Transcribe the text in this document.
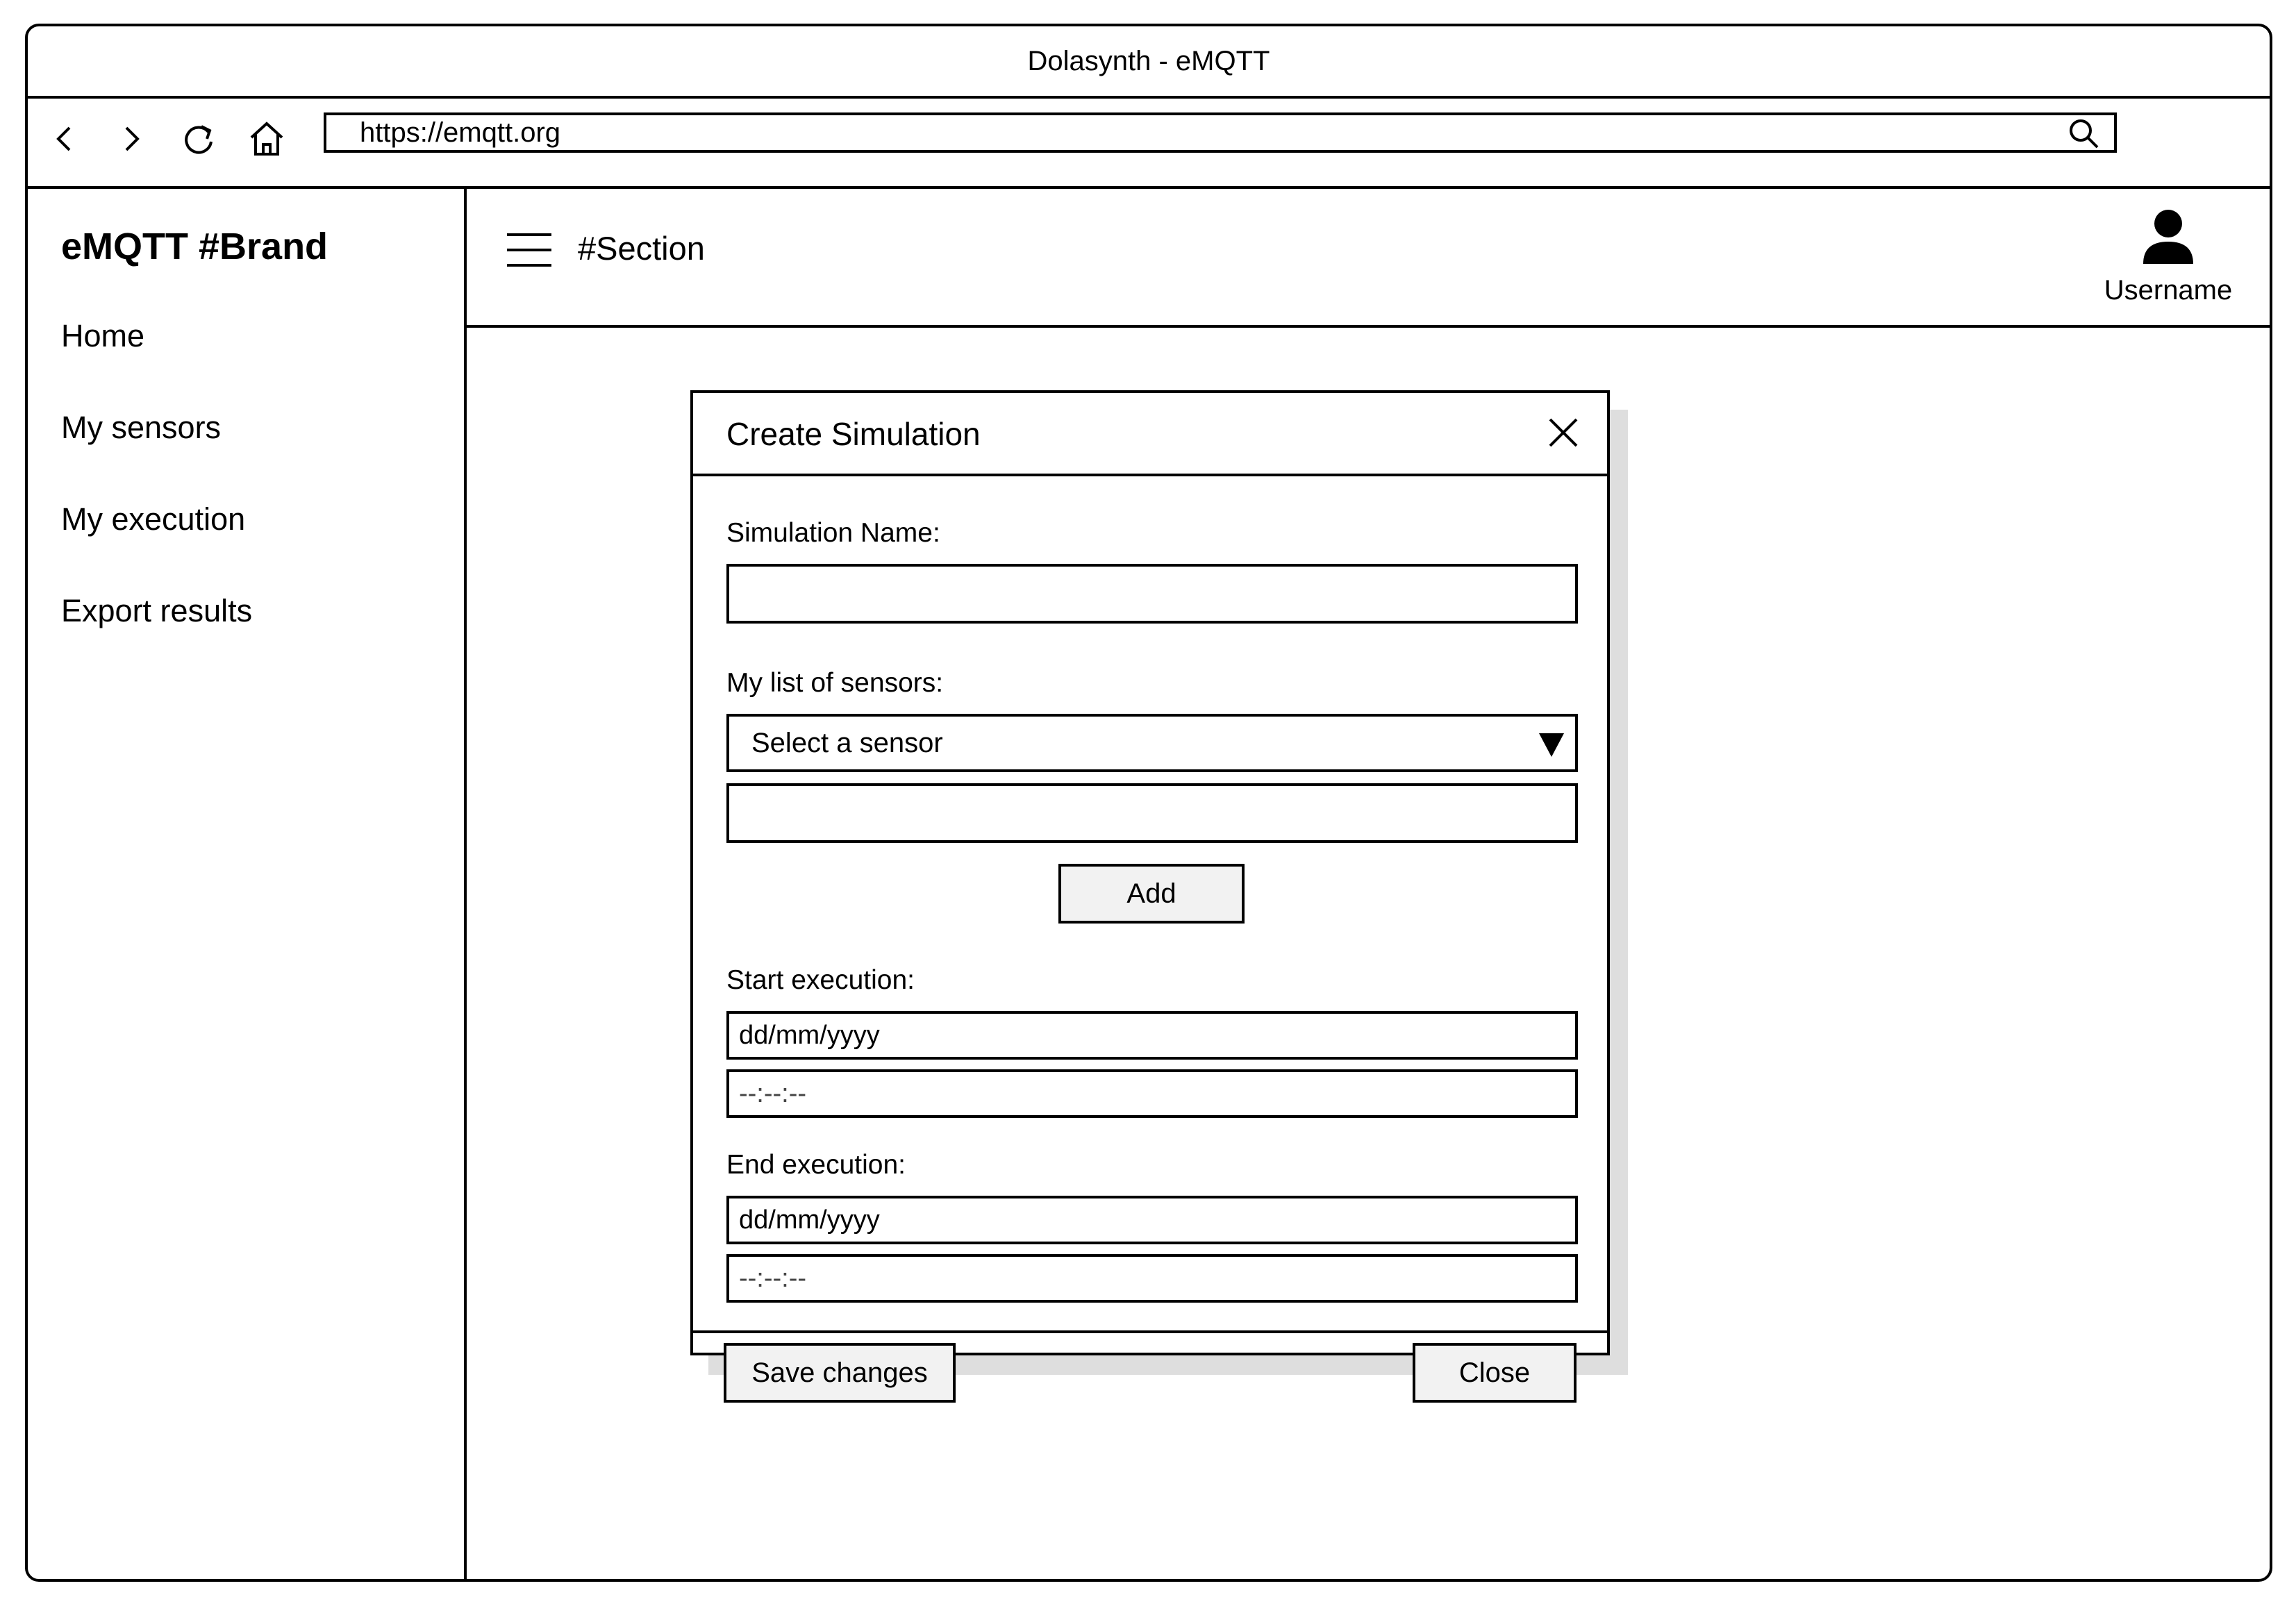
Dolasynth - eMQTT
https://emqtt.org
eMQTT #Brand
Home
My sensors
My execution
Export results
#Section
Username
Create Simulation
Simulation Name:
My list of sensors:
Select a sensor
Add
Start execution:
dd/mm/yyyy
--:--:--
End execution:
dd/mm/yyyy
--:--:--
Save changes	Close
